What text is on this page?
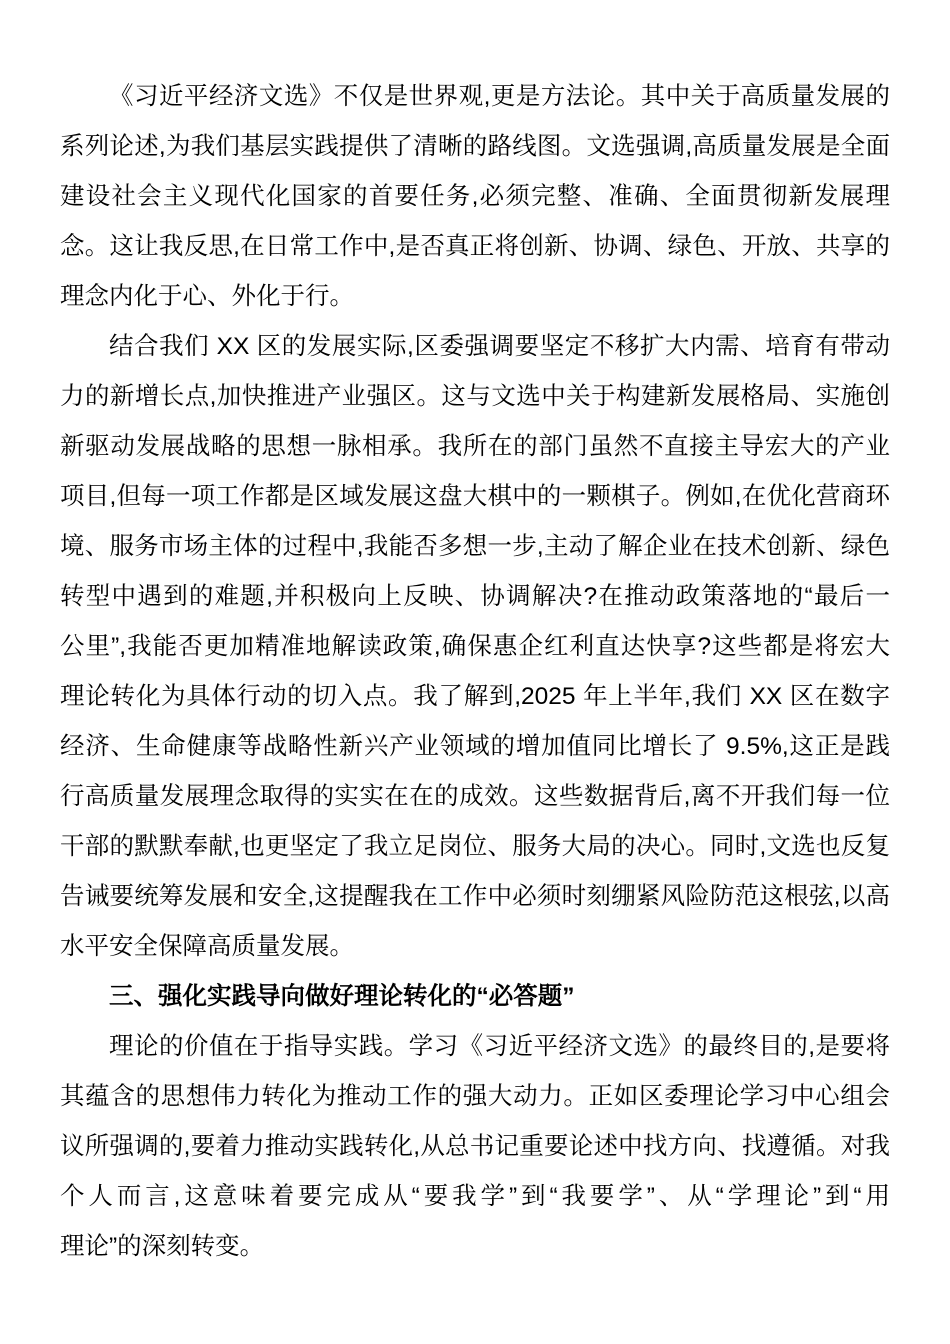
《习近平经济文选》不仅是世界观,更是方法论。其中关于高质量发展的
系列论述,为我们基层实践提供了清晰的路线图。文选强调,高质量发展是全面
建设社会主义现代化国家的首要任务,必须完整、准确、全面贯彻新发展理
念。这让我反思,在日常工作中,是否真正将创新、协调、绿色、开放、共享的
理念内化于心、外化于行。
结合我们 XX 区的发展实际,区委强调要坚定不移扩大内需、培育有带动
力的新增长点,加快推进产业强区。这与文选中关于构建新发展格局、实施创
新驱动发展战略的思想一脉相承。我所在的部门虽然不直接主导宏大的产业
项目,但每一项工作都是区域发展这盘大棋中的一颗棋子。例如,在优化营商环
境、服务市场主体的过程中,我能否多想一步,主动了解企业在技术创新、绿色
转型中遇到的难题,并积极向上反映、协调解决?在推动政策落地的“最后一
公里”,我能否更加精准地解读政策,确保惠企红利直达快享?这些都是将宏大
理论转化为具体行动的切入点。我了解到,2025 年上半年,我们 XX 区在数字
经济、生命健康等战略性新兴产业领域的增加值同比增长了 9.5%,这正是践
行高质量发展理念取得的实实在在的成效。这些数据背后,离不开我们每一位
干部的默默奉献,也更坚定了我立足岗位、服务大局的决心。同时,文选也反复
告诫要统筹发展和安全,这提醒我在工作中必须时刻绷紧风险防范这根弦,以高
水平安全保障高质量发展。
三、强化实践导向做好理论转化的“必答题”
理论的价值在于指导实践。学习《习近平经济文选》的最终目的,是要将
其蕴含的思想伟力转化为推动工作的强大动力。正如区委理论学习中心组会
议所强调的,要着力推动实践转化,从总书记重要论述中找方向、找遵循。对我
个人而言,这意味着要完成从“要我学”到“我要学”、从“学理论”到“用
理论”的深刻转变。
